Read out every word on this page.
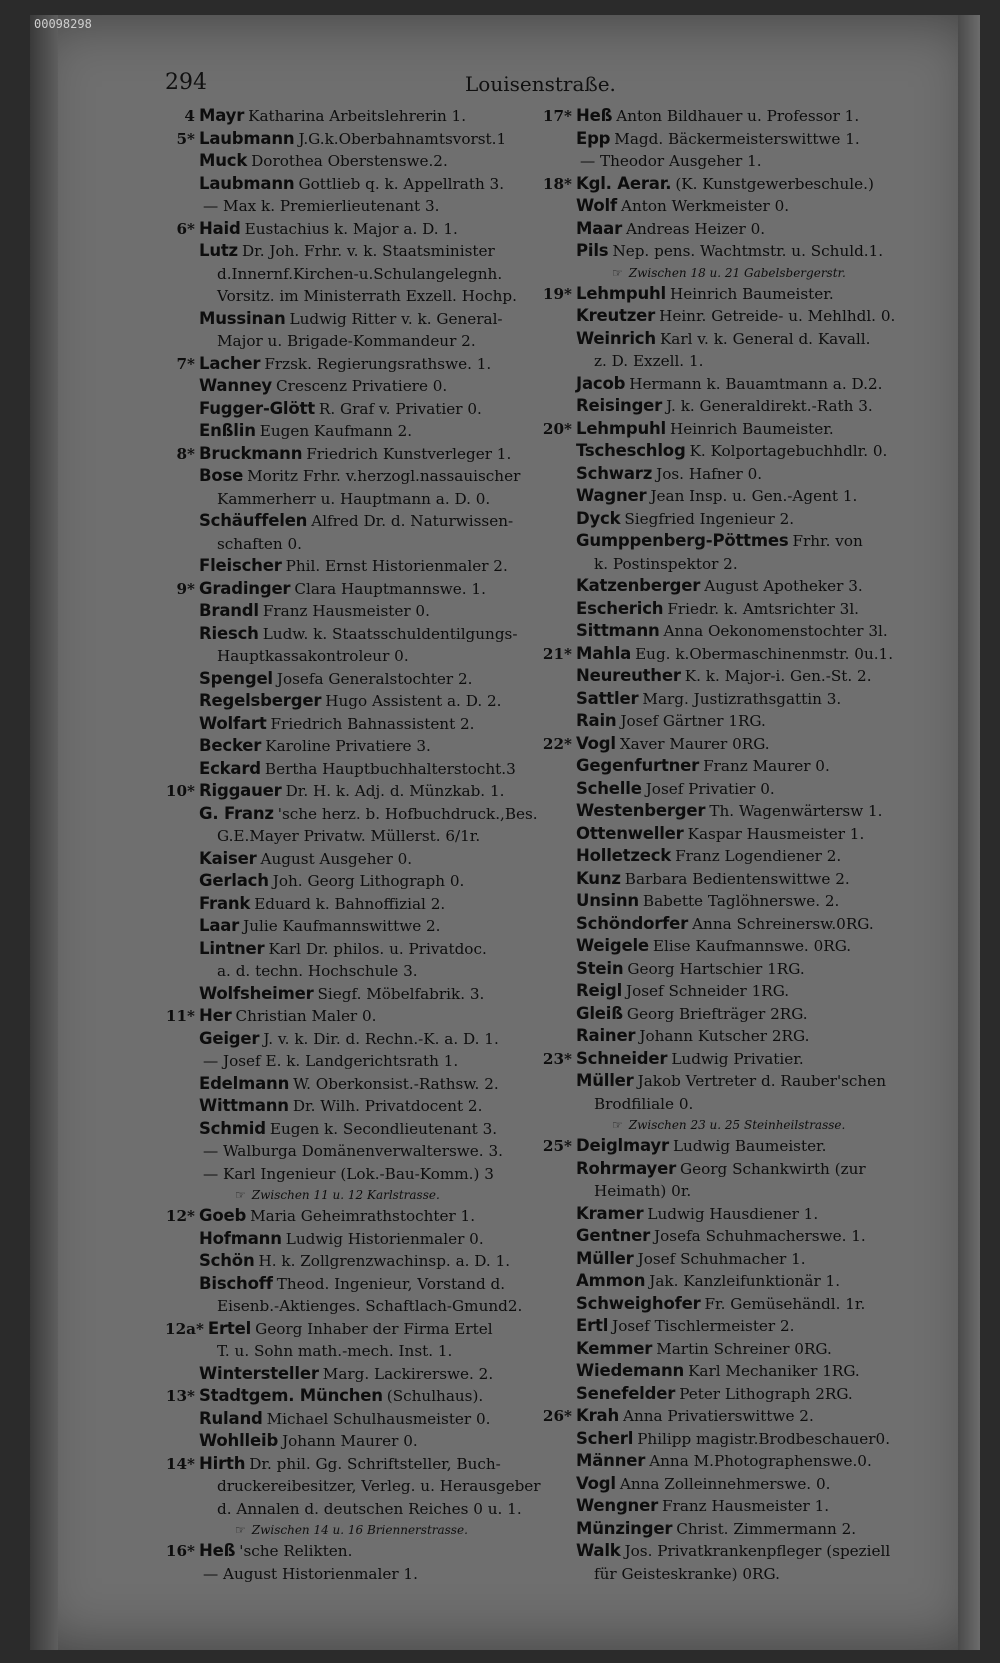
00098298
294	Louisenstraße.
4 Mayr Katharina Arbeitslehrerin 1.
5* Laubmann J.G.k.Oberbahnamtsvorst.1
Muck Dorothea Oberstenswe.2.
Laubmann Gottlieb q. k. Appellrath 3.
— Max k. Premierlieutenant 3.
6* Haid Eustachius k. Major a. D. 1.
Lutz Dr. Joh. Frhr. v. k. Staatsminister
d.Innernf.Kirchen-u.Schulangelegnh.
Vorsitz. im Ministerrath Exzell. Hochp.
Mussinan Ludwig Ritter v. k. General-
Major u. Brigade-Kommandeur 2.
7* Lacher Frzsk. Regierungsrathswe. 1.
Wanney Crescenz Privatiere 0.
Fugger-Glött R. Graf v. Privatier 0.
Enßlin Eugen Kaufmann 2.
8* Bruckmann Friedrich Kunstverleger 1.
Bose Moritz Frhr. v.herzogl.nassauischer
Kammerherr u. Hauptmann a. D. 0.
Schäuffelen Alfred Dr. d. Naturwissen-
schaften 0.
Fleischer Phil. Ernst Historienmaler 2.
9* Gradinger Clara Hauptmannswe. 1.
Brandl Franz Hausmeister 0.
Riesch Ludw. k. Staatsschuldentilgungs-
Hauptkassakontroleur 0.
Spengel Josefa Generalstochter 2.
Regelsberger Hugo Assistent a. D. 2.
Wolfart Friedrich Bahnassistent 2.
Becker Karoline Privatiere 3.
Eckard Bertha Hauptbuchhalterstocht.3
10* Riggauer Dr. H. k. Adj. d. Münzkab. 1.
G. Franz 'sche herz. b. Hofbuchdruck.,Bes.
G.E.Mayer Privatw. Müllerst. 6/1r.
Kaiser August Ausgeher 0.
Gerlach Joh. Georg Lithograph 0.
Frank Eduard k. Bahnoffizial 2.
Laar Julie Kaufmannswittwe 2.
Lintner Karl Dr. philos. u. Privatdoc.
a. d. techn. Hochschule 3.
Wolfsheimer Siegf. Möbelfabrik. 3.
11* Her Christian Maler 0.
Geiger J. v. k. Dir. d. Rechn.-K. a. D. 1.
— Josef E. k. Landgerichtsrath 1.
Edelmann W. Oberkonsist.-Rathsw. 2.
Wittmann Dr. Wilh. Privatdocent 2.
Schmid Eugen k. Secondlieutenant 3.
— Walburga Domänenverwalterswe. 3.
— Karl Ingenieur (Lok.-Bau-Komm.) 3
☞ Zwischen 11 u. 12 Karlstrasse.
12* Goeb Maria Geheimrathstochter 1.
Hofmann Ludwig Historienmaler 0.
Schön H. k. Zollgrenzwachinsp. a. D. 1.
Bischoff Theod. Ingenieur, Vorstand d.
Eisenb.-Aktienges. Schaftlach-Gmund2.
12a* Ertel Georg Inhaber der Firma Ertel
T. u. Sohn math.-mech. Inst. 1.
Wintersteller Marg. Lackirerswe. 2.
13* Stadtgem. München (Schulhaus).
Ruland Michael Schulhausmeister 0.
Wohlleib Johann Maurer 0.
14* Hirth Dr. phil. Gg. Schriftsteller, Buch-
druckereibesitzer, Verleg. u. Herausgeber
d. Annalen d. deutschen Reiches 0 u. 1.
☞ Zwischen 14 u. 16 Briennerstrasse.
16* Heß 'sche Relikten.
— August Historienmaler 1.
17* Heß Anton Bildhauer u. Professor 1.
Epp Magd. Bäckermeisterswittwe 1.
— Theodor Ausgeher 1.
18* Kgl. Aerar. (K. Kunstgewerbeschule.)
Wolf Anton Werkmeister 0.
Maar Andreas Heizer 0.
Pils Nep. pens. Wachtmstr. u. Schuld.1.
☞ Zwischen 18 u. 21 Gabelsbergerstr.
19* Lehmpuhl Heinrich Baumeister.
Kreutzer Heinr. Getreide- u. Mehlhdl. 0.
Weinrich Karl v. k. General d. Kavall.
z. D. Exzell. 1.
Jacob Hermann k. Bauamtmann a. D.2.
Reisinger J. k. Generaldirekt.-Rath 3.
20* Lehmpuhl Heinrich Baumeister.
Tscheschlog K. Kolportagebuchhdlr. 0.
Schwarz Jos. Hafner 0.
Wagner Jean Insp. u. Gen.-Agent 1.
Dyck Siegfried Ingenieur 2.
Gumppenberg-Pöttmes Frhr. von
k. Postinspektor 2.
Katzenberger August Apotheker 3.
Escherich Friedr. k. Amtsrichter 3l.
Sittmann Anna Oekonomenstochter 3l.
21* Mahla Eug. k.Obermaschinenmstr. 0u.1.
Neureuther K. k. Major-i. Gen.-St. 2.
Sattler Marg. Justizrathsgattin 3.
Rain Josef Gärtner 1RG.
22* Vogl Xaver Maurer 0RG.
Gegenfurtner Franz Maurer 0.
Schelle Josef Privatier 0.
Westenberger Th. Wagenwärtersw 1.
Ottenweller Kaspar Hausmeister 1.
Holletzeck Franz Logendiener 2.
Kunz Barbara Bedientenswittwe 2.
Unsinn Babette Taglöhnerswe. 2.
Schöndorfer Anna Schreinersw.0RG.
Weigele Elise Kaufmannswe. 0RG.
Stein Georg Hartschier 1RG.
Reigl Josef Schneider 1RG.
Gleiß Georg Briefträger 2RG.
Rainer Johann Kutscher 2RG.
23* Schneider Ludwig Privatier.
Müller Jakob Vertreter d. Rauber'schen
Brodfiliale 0.
☞ Zwischen 23 u. 25 Steinheilstrasse.
25* Deiglmayr Ludwig Baumeister.
Rohrmayer Georg Schankwirth (zur
Heimath) 0r.
Kramer Ludwig Hausdiener 1.
Gentner Josefa Schuhmacherswe. 1.
Müller Josef Schuhmacher 1.
Ammon Jak. Kanzleifunktionär 1.
Schweighofer Fr. Gemüsehändl. 1r.
Ertl Josef Tischlermeister 2.
Kemmer Martin Schreiner 0RG.
Wiedemann Karl Mechaniker 1RG.
Senefelder Peter Lithograph 2RG.
26* Krah Anna Privatierswittwe 2.
Scherl Philipp magistr.Brodbeschauer0.
Männer Anna M.Photographenswe.0.
Vogl Anna Zolleinnehmerswe. 0.
Wengner Franz Hausmeister 1.
Münzinger Christ. Zimmermann 2.
Walk Jos. Privatkrankenpfleger (speziell
für Geisteskranke) 0RG.
